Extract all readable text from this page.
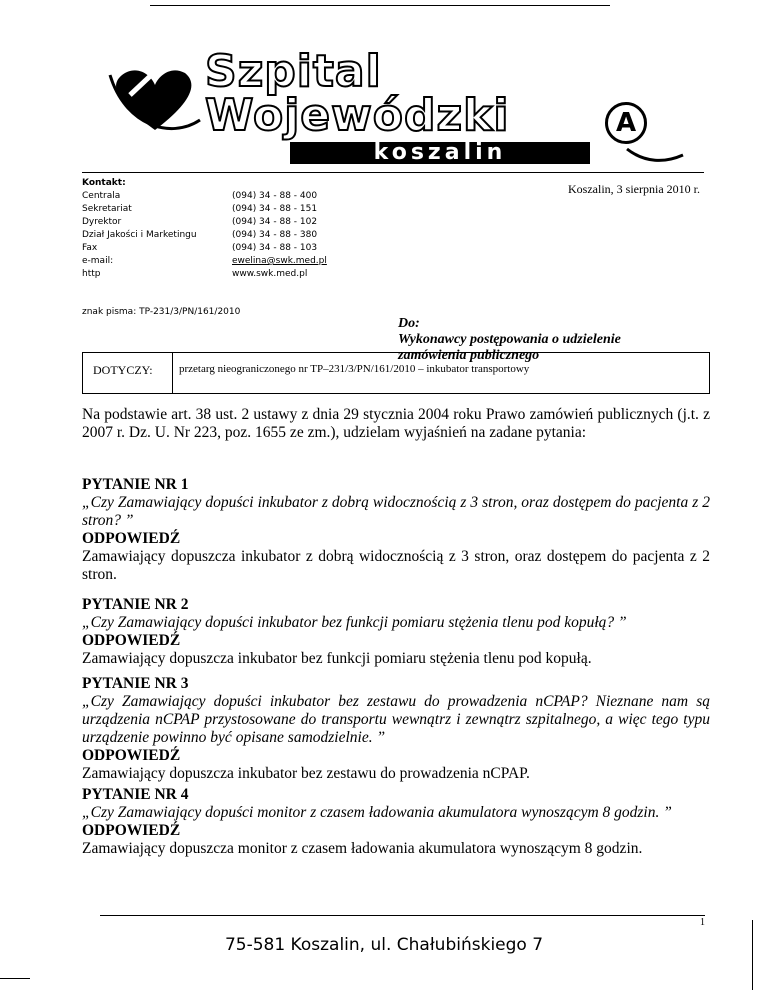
Szpital
Wojewódzki
koszalin
A
Kontakt:
Centrala	(094) 34 - 88 - 400
Sekretariat	(094) 34 - 88 - 151
Dyrektor	(094) 34 - 88 - 102
Dział Jakości i Marketingu	(094) 34 - 88 - 380
Fax	(094) 34 - 88 - 103
e-mail:	ewelina@swk.med.pl
http	www.swk.med.pl
Koszalin, 3 sierpnia 2010 r.
znak pisma: TP-231/3/PN/161/2010
Do:
Wykonawcy postępowania o udzielenie
zamówienia publicznego
DOTYCZY:	przetarg nieograniczonego nr TP–231/3/PN/161/2010 – inkubator transportowy
Na podstawie art. 38 ust. 2 ustawy z dnia 29 stycznia 2004 roku Prawo zamówień publicznych (j.t. z 2007 r. Dz. U. Nr 223, poz. 1655 ze zm.), udzielam wyjaśnień na zadane pytania:
PYTANIE NR 1
„Czy Zamawiający dopuści inkubator z dobrą widocznością z 3 stron, oraz dostępem do pacjenta z 2 stron? ”
ODPOWIEDŹ
Zamawiający dopuszcza inkubator z dobrą widocznością z 3 stron, oraz dostępem do pacjenta z 2 stron.
PYTANIE NR 2
„Czy Zamawiający dopuści inkubator bez funkcji pomiaru stężenia tlenu pod kopułą? ”
ODPOWIEDŹ
Zamawiający dopuszcza inkubator bez funkcji pomiaru stężenia tlenu pod kopułą.
PYTANIE NR 3
„Czy Zamawiający dopuści inkubator bez zestawu do prowadzenia nCPAP? Nieznane nam są urządzenia nCPAP przystosowane do transportu wewnątrz i zewnątrz szpitalnego, a więc tego typu urządzenie powinno być opisane samodzielnie. ”
ODPOWIEDŹ
Zamawiający dopuszcza inkubator bez zestawu do prowadzenia nCPAP.
PYTANIE NR 4
„Czy Zamawiający dopuści monitor z czasem ładowania akumulatora wynoszącym 8 godzin. ”
ODPOWIEDŹ
Zamawiający dopuszcza monitor z czasem ładowania akumulatora wynoszącym 8 godzin.
1
75-581 Koszalin, ul. Chałubińskiego 7
